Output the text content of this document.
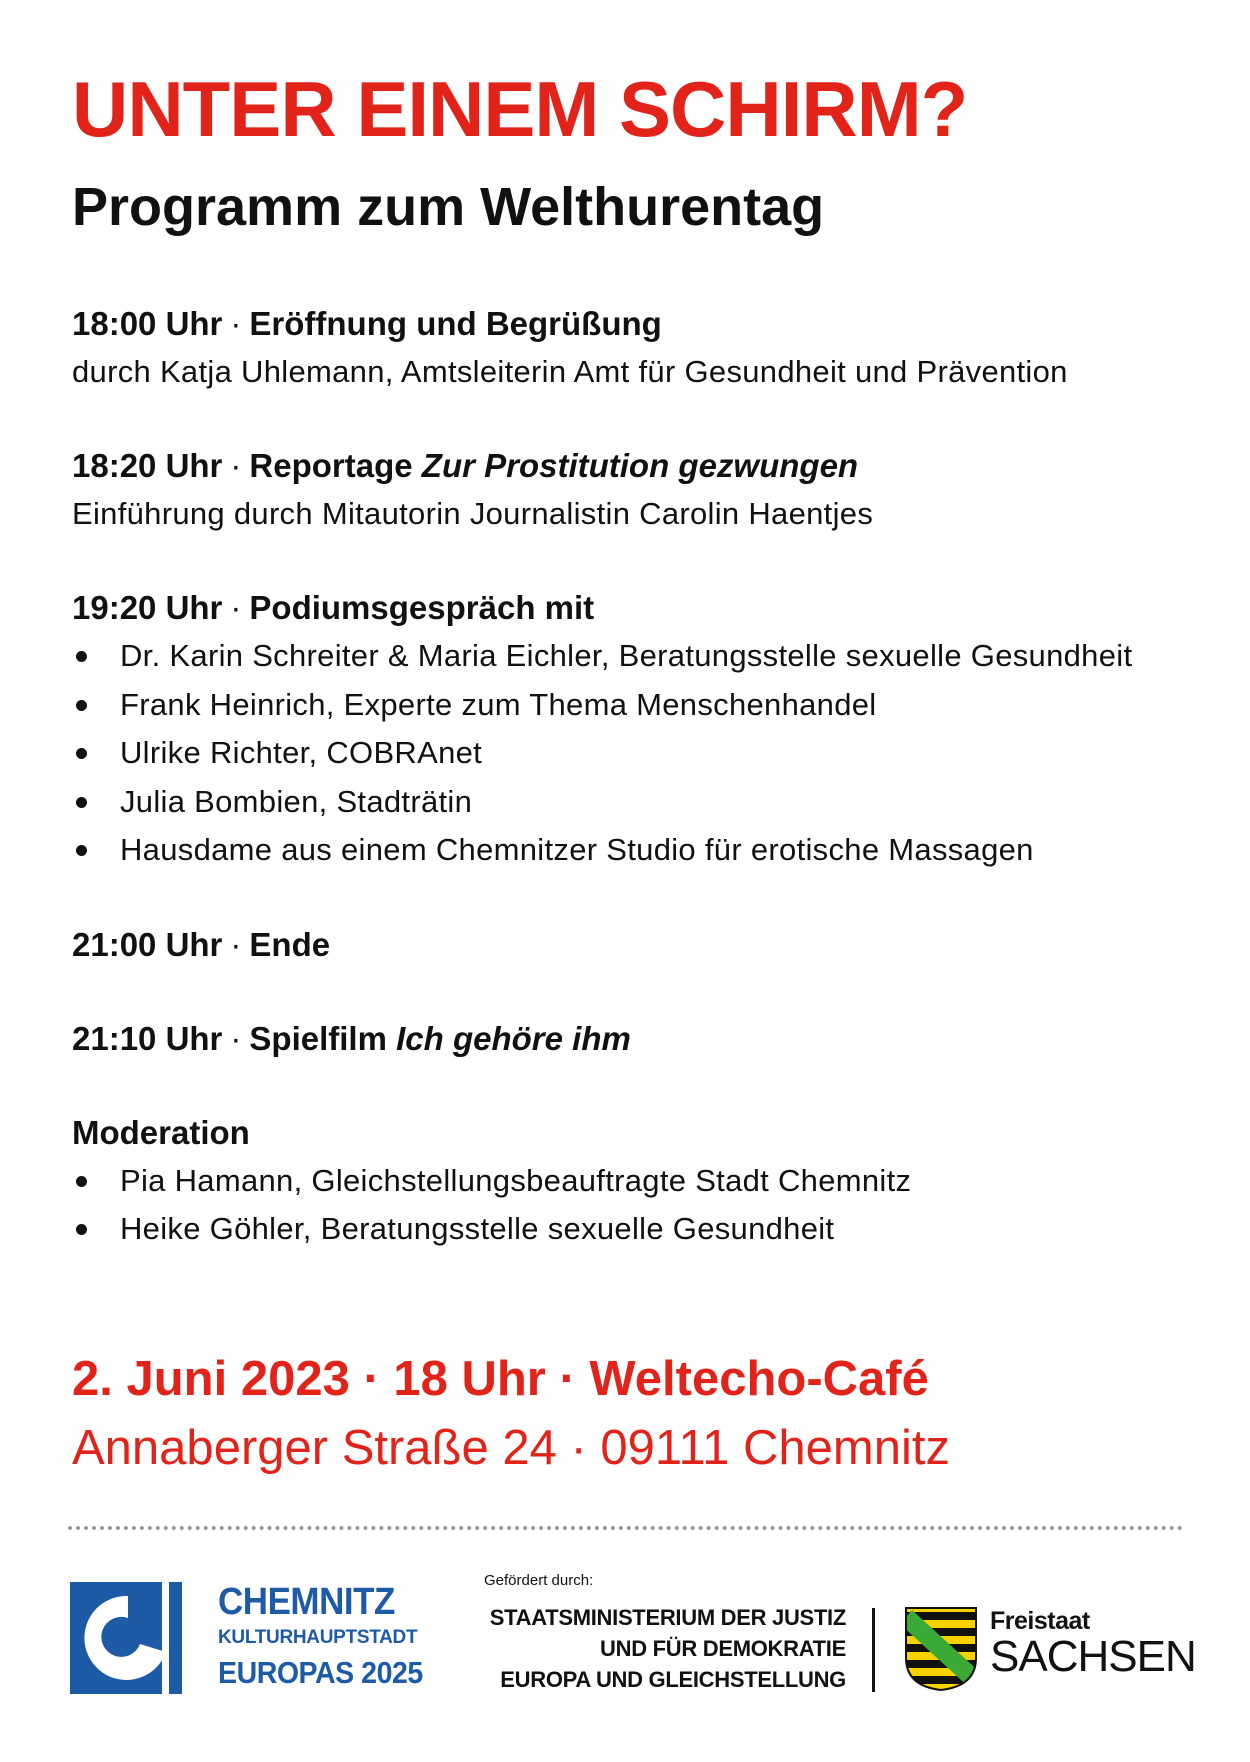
UNTER EINEM SCHIRM?
Programm zum Welthurentag
18:00 Uhr · Eröffnung und Begrüßung
durch Katja Uhlemann, Amtsleiterin Amt für Gesundheit und Prävention
18:20 Uhr · Reportage Zur Prostitution gezwungen
Einführung durch Mitautorin Journalistin Carolin Haentjes
19:20 Uhr · Podiumsgespräch mit
Dr. Karin Schreiter & Maria Eichler, Beratungsstelle sexuelle Gesundheit
Frank Heinrich, Experte zum Thema Menschenhandel
Ulrike Richter, COBRAnet
Julia Bombien, Stadträtin
Hausdame aus einem Chemnitzer Studio für erotische Massagen
21:00 Uhr · Ende
21:10 Uhr · Spielfilm Ich gehöre ihm
Moderation
Pia Hamann, Gleichstellungsbeauftragte Stadt Chemnitz
Heike Göhler, Beratungsstelle sexuelle Gesundheit
2. Juni 2023 · 18 Uhr · Weltecho-Café
Annaberger Straße 24 · 09111 Chemnitz
CHEMNITZ
KULTURHAUPTSTADT
EUROPAS 2025
Gefördert durch:
STAATSMINISTERIUM DER JUSTIZ
UND FÜR DEMOKRATIE
EUROPA UND GLEICHSTELLUNG
Freistaat
SACHSEN
